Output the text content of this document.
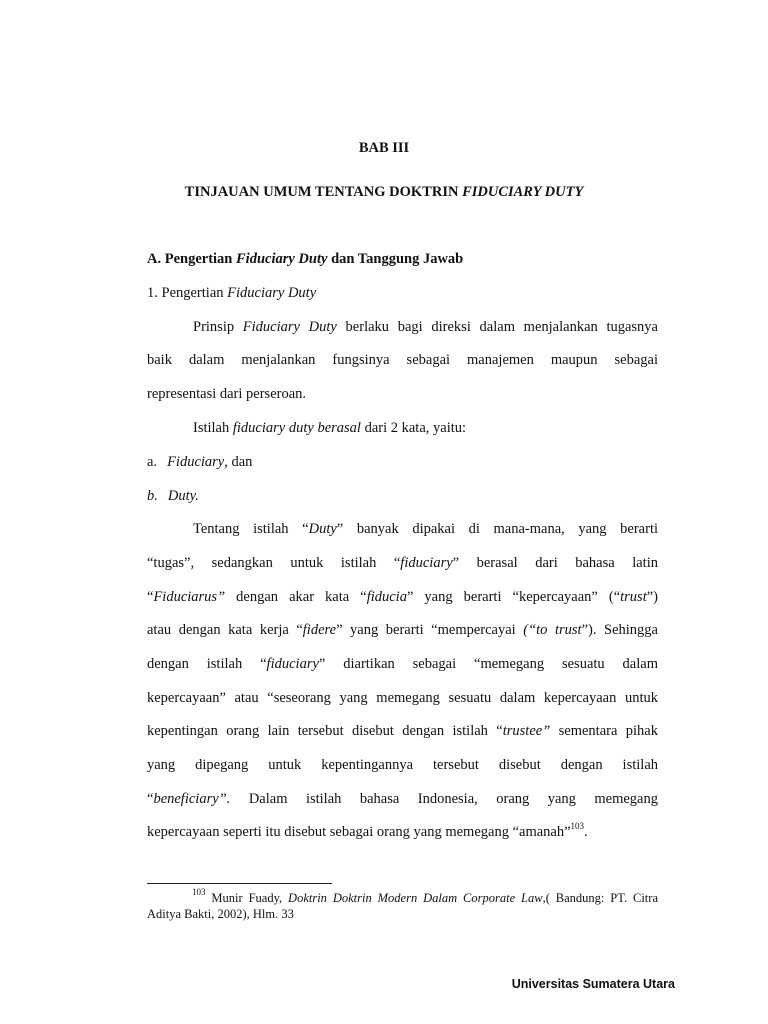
BAB III
TINJAUAN UMUM TENTANG DOKTRIN FIDUCIARY DUTY
A. Pengertian Fiduciary Duty dan Tanggung Jawab
1. Pengertian Fiduciary Duty
Prinsip Fiduciary Duty berlaku bagi direksi dalam menjalankan tugasnya
baik dalam menjalankan fungsinya sebagai manajemen maupun sebagai
representasi dari perseroan.
Istilah fiduciary duty berasal dari 2 kata, yaitu:
a. Fiduciary, dan
b. Duty.
Tentang istilah “Duty” banyak dipakai di mana-mana, yang berarti
“tugas”, sedangkan untuk istilah “fiduciary” berasal dari bahasa latin
“Fiduciarus” dengan akar kata “fiducia” yang berarti “kepercayaan” (“trust”)
atau dengan kata kerja “fidere” yang berarti “mempercayai (“to trust”). Sehingga
dengan istilah “fiduciary” diartikan sebagai “memegang sesuatu dalam
kepercayaan” atau “seseorang yang memegang sesuatu dalam kepercayaan untuk
kepentingan orang lain tersebut disebut dengan istilah “trustee” sementara pihak
yang dipegang untuk kepentingannya tersebut disebut dengan istilah
“beneficiary”. Dalam istilah bahasa Indonesia, orang yang memegang
kepercayaan seperti itu disebut sebagai orang yang memegang “amanah”$^{103}$.
$^{103}$ Munir Fuady, Doktrin Doktrin Modern Dalam Corporate Law,( Bandung: PT. Citra
Aditya Bakti, 2002), Hlm. 33
Universitas Sumatera Utara
